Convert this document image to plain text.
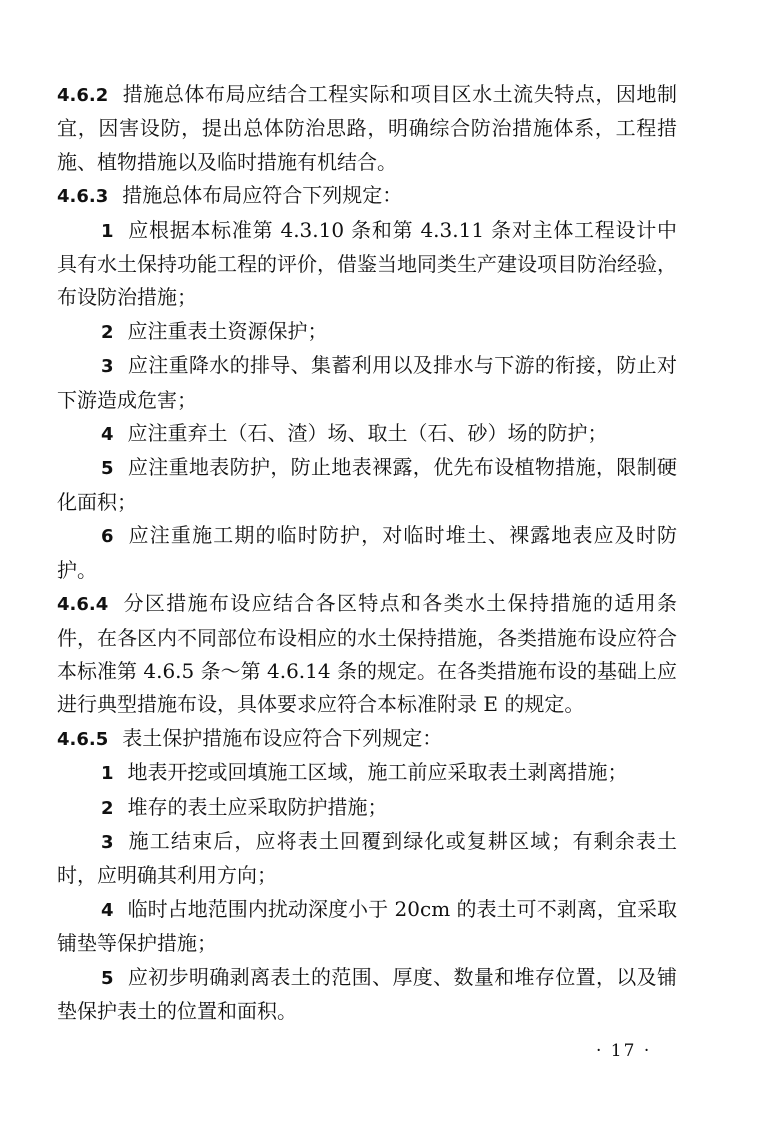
4.6.2 措施总体布局应结合工程实际和项目区水土流失特点，因地制宜，因害设防，提出总体防治思路，明确综合防治措施体系，工程措施、植物措施以及临时措施有机结合。

4.6.3 措施总体布局应符合下列规定：

1 应根据本标准第 4.3.10 条和第 4.3.11 条对主体工程设计中具有水土保持功能工程的评价，借鉴当地同类生产建设项目防治经验，布设防治措施；

2 应注重表土资源保护；

3 应注重降水的排导、集蓄利用以及排水与下游的衔接，防止对下游造成危害；

4 应注重弃土（石、渣）场、取土（石、砂）场的防护；

5 应注重地表防护，防止地表裸露，优先布设植物措施，限制硬化面积；

6 应注重施工期的临时防护，对临时堆土、裸露地表应及时防护。

4.6.4 分区措施布设应结合各区特点和各类水土保持措施的适用条件，在各区内不同部位布设相应的水土保持措施，各类措施布设应符合本标准第 4.6.5 条～第 4.6.14 条的规定。在各类措施布设的基础上应进行典型措施布设，具体要求应符合本标准附录 E 的规定。

4.6.5 表土保护措施布设应符合下列规定：

1 地表开挖或回填施工区域，施工前应采取表土剥离措施；

2 堆存的表土应采取防护措施；

3 施工结束后，应将表土回覆到绿化或复耕区域；有剩余表土时，应明确其利用方向；

4 临时占地范围内扰动深度小于 20cm 的表土可不剥离，宜采取铺垫等保护措施；

5 应初步明确剥离表土的范围、厚度、数量和堆存位置，以及铺垫保护表土的位置和面积。

· 17 ·
